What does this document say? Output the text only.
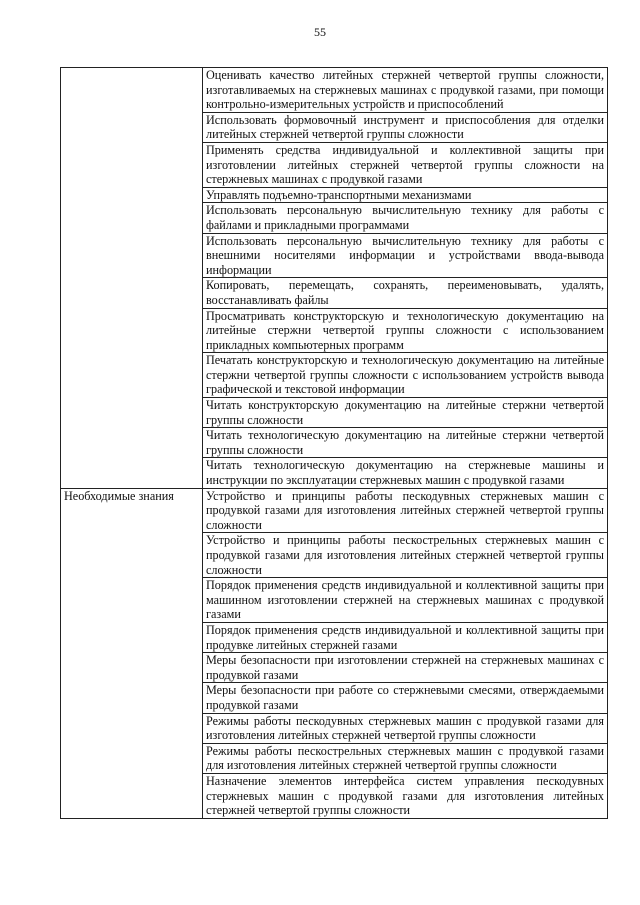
55
	Оценивать качество литейных стержней четвертой группы сложности, изготавливаемых на стержневых машинах с продувкой газами, при помощи контрольно-измерительных устройств и приспособлений
	Использовать формовочный инструмент и приспособления для отделки литейных стержней четвертой группы сложности
	Применять средства индивидуальной и коллективной защиты при изготовлении литейных стержней четвертой группы сложности на стержневых машинах с продувкой газами
	Управлять подъемно-транспортными механизмами
	Использовать персональную вычислительную технику для работы с файлами и прикладными программами
	Использовать персональную вычислительную технику для работы с внешними носителями информации и устройствами ввода-вывода информации
	Копировать, перемещать, сохранять, переименовывать, удалять, восстанавливать файлы
	Просматривать конструкторскую и технологическую документацию на литейные стержни четвертой группы сложности с использованием прикладных компьютерных программ
	Печатать конструкторскую и технологическую документацию на литейные стержни четвертой группы сложности с использованием устройств вывода графической и текстовой информации
	Читать конструкторскую документацию на литейные стержни четвертой группы сложности
	Читать технологическую документацию на литейные стержни четвертой группы сложности
	Читать технологическую документацию на стержневые машины и инструкции по эксплуатации стержневых машин с продувкой газами
Необходимые знания	Устройство и принципы работы пескодувных стержневых машин с продувкой газами для изготовления литейных стержней четвертой группы сложности
	Устройство и принципы работы пескострельных стержневых машин с продувкой газами для изготовления литейных стержней четвертой группы сложности
	Порядок применения средств индивидуальной и коллективной защиты при машинном изготовлении стержней на стержневых машинах с продувкой газами
	Порядок применения средств индивидуальной и коллективной защиты при продувке литейных стержней газами
	Меры безопасности при изготовлении стержней на стержневых машинах с продувкой газами
	Меры безопасности при работе со стержневыми смесями, отверждаемыми продувкой газами
	Режимы работы пескодувных стержневых машин с продувкой газами для изготовления литейных стержней четвертой группы сложности
	Режимы работы пескострельных стержневых машин с продувкой газами для изготовления литейных стержней четвертой группы сложности
	Назначение элементов интерфейса систем управления пескодувных стержневых машин с продувкой газами для изготовления литейных стержней четвертой группы сложности
